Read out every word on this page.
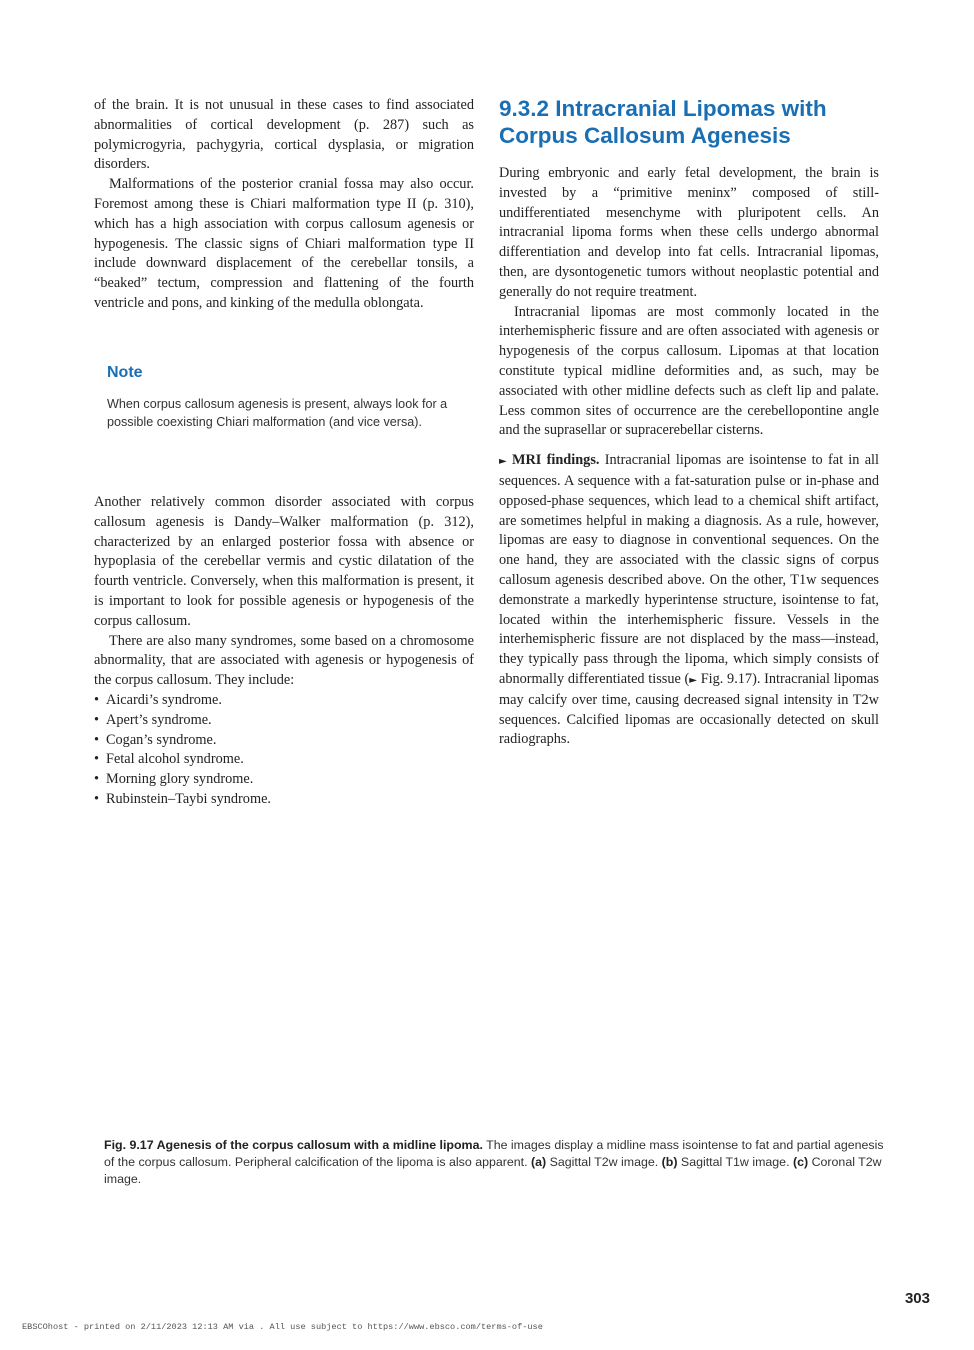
of the brain. It is not unusual in these cases to find associated abnormalities of cortical development (p. 287) such as polymicrogyria, pachygyria, cortical dysplasia, or migration disorders.

Malformations of the posterior cranial fossa may also occur. Foremost among these is Chiari malformation type II (p. 310), which has a high association with corpus callosum agenesis or hypogenesis. The classic signs of Chiari malformation type II include downward displacement of the cerebellar tonsils, a “beaked” tectum, compression and flattening of the fourth ventricle and pons, and kinking of the medulla oblongata.

Note
When corpus callosum agenesis is present, always look for a possible coexisting Chiari malformation (and vice versa).

Another relatively common disorder associated with corpus callosum agenesis is Dandy–Walker malformation (p. 312), characterized by an enlarged posterior fossa with absence or hypoplasia of the cerebellar vermis and cystic dilatation of the fourth ventricle. Conversely, when this malformation is present, it is important to look for possible agenesis or hypogenesis of the corpus callosum.

There are also many syndromes, some based on a chromosome abnormality, that are associated with agenesis or hypogenesis of the corpus callosum. They include:

• Aicardi’s syndrome.
• Apert’s syndrome.
• Cogan’s syndrome.
• Fetal alcohol syndrome.
• Morning glory syndrome.
• Rubinstein–Taybi syndrome.
9.3.2 Intracranial Lipomas with Corpus Callosum Agenesis

During embryonic and early fetal development, the brain is invested by a “primitive meninx” composed of still-undifferentiated mesenchyme with pluripotent cells. An intracranial lipoma forms when these cells undergo abnormal differentiation and develop into fat cells. Intracranial lipomas, then, are dysontogenetic tumors without neoplastic potential and generally do not require treatment.

Intracranial lipomas are most commonly located in the interhemispheric fissure and are often associated with agenesis or hypogenesis of the corpus callosum. Lipomas at that location constitute typical midline deformities and, as such, may be associated with other midline defects such as cleft lip and palate. Less common sites of occurrence are the cerebellopontine angle and the suprasellar or supracerebellar cisterns.

► MRI findings. Intracranial lipomas are isointense to fat in all sequences. A sequence with a fat-saturation pulse or in-phase and opposed-phase sequences, which lead to a chemical shift artifact, are sometimes helpful in making a diagnosis. As a rule, however, lipomas are easy to diagnose in conventional sequences. On the one hand, they are associated with the classic signs of corpus callosum agenesis described above. On the other, T1w sequences demonstrate a markedly hyperintense structure, isointense to fat, located within the interhemispheric fissure. Vessels in the interhemispheric fissure are not displaced by the mass—instead, they typically pass through the lipoma, which simply consists of abnormally differentiated tissue (► Fig. 9.17). Intracranial lipomas may calcify over time, causing decreased signal intensity in T2w sequences. Calcified lipomas are occasionally detected on skull radiographs.

Fig. 9.17 Agenesis of the corpus callosum with a midline lipoma. The images display a midline mass isointense to fat and partial agenesis of the corpus callosum. Peripheral calcification of the lipoma is also apparent. (a) Sagittal T2w image. (b) Sagittal T1w image. (c) Coronal T2w image.
303
EBSCOhost - printed on 2/11/2023 12:13 AM via . All use subject to https://www.ebsco.com/terms-of-use
